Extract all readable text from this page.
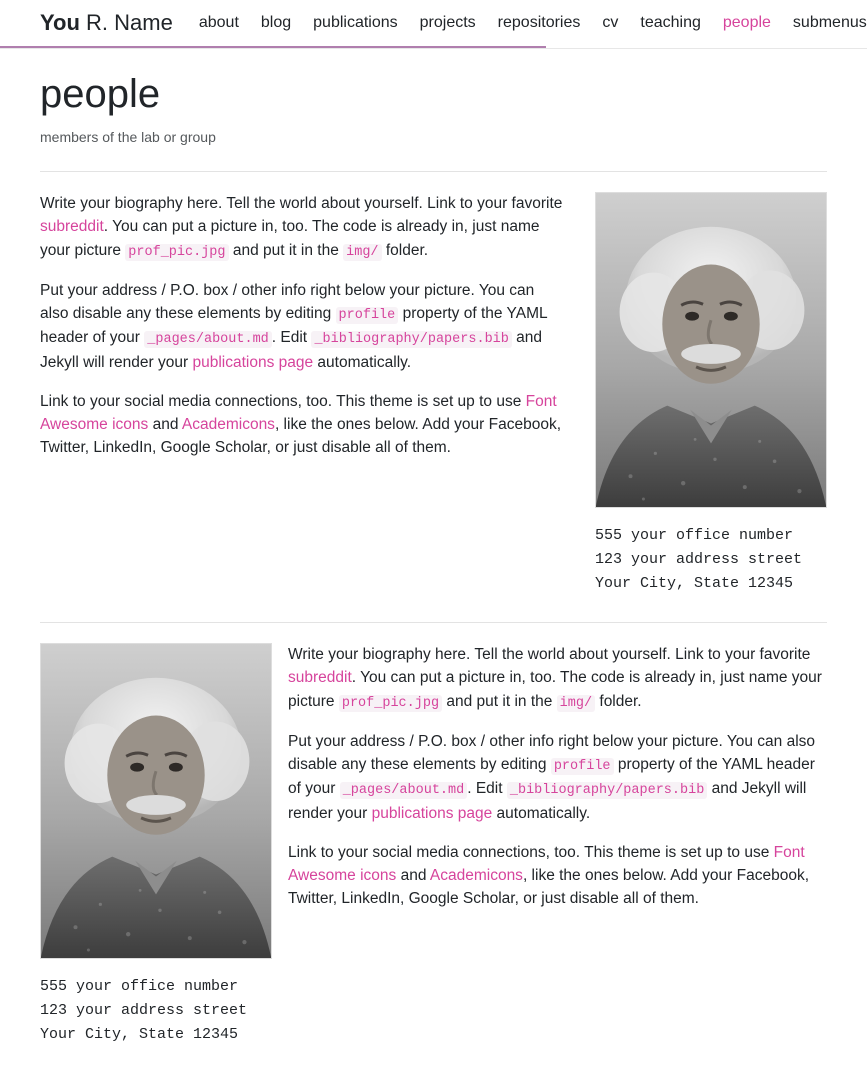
You R. Name about blog publications projects repositories cv teaching people submenus
people

members of the lab or group

Write your biography here. Tell the world about yourself. Link to your favorite subreddit. You can put a picture in, too. The code is already in, just name your picture prof_pic.jpg and put it in the img/ folder.

Put your address / P.O. box / other info right below your picture. You can also disable any these elements by editing profile property of the YAML header of your _pages/about.md . Edit _bibliography/papers.bib and Jekyll will render your publications page automatically.

Link to your social media connections, too. This theme is set up to use Font Awesome icons and Academicons, like the ones below. Add your Facebook, Twitter, LinkedIn, Google Scholar, or just disable all of them.

555 your office number
123 your address street
Your City, State 12345
555 your office number
123 your address street
Your City, State 12345

Write your biography here. Tell the world about yourself. Link to your favorite subreddit. You can put a picture in, too. The code is already in, just name your picture prof_pic.jpg and put it in the img/ folder.

Put your address / P.O. box / other info right below your picture. You can also disable any these elements by editing profile property of the YAML header of your _pages/about.md . Edit _bibliography/papers.bib and Jekyll will render your publications page automatically.

Link to your social media connections, too. This theme is set up to use Font Awesome icons and Academicons, like the ones below. Add your Facebook, Twitter, LinkedIn, Google Scholar, or just disable all of them.
